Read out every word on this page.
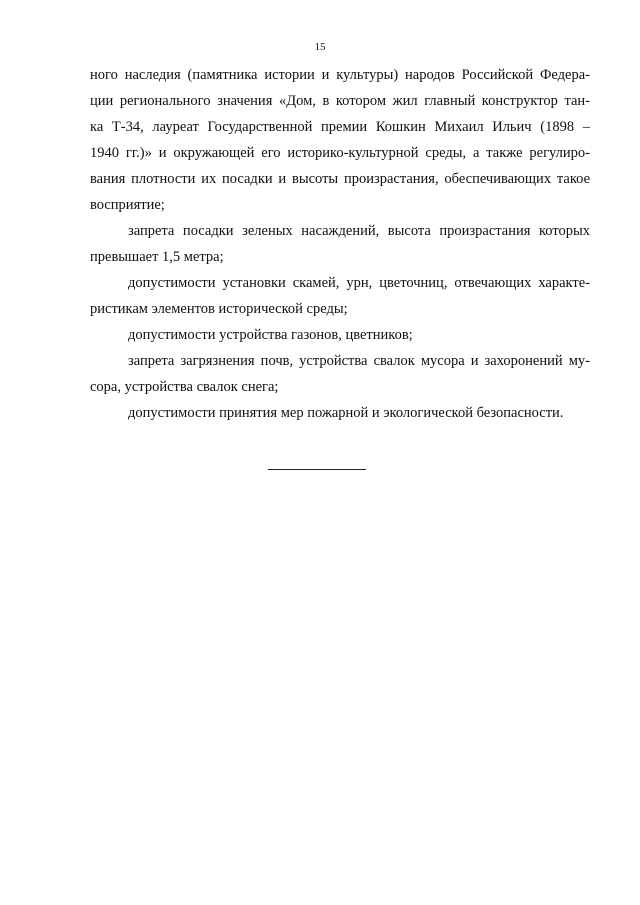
15
ного наследия (памятника истории и культуры) народов Российской Федера-
ции регионального значения «Дом, в котором жил главный конструктор тан-
ка Т-34, лауреат Государственной премии Кошкин Михаил Ильич (1898 –
1940 гг.)» и окружающей его историко-культурной среды, а также регулиро-
вания плотности их посадки и высоты произрастания, обеспечивающих такое
восприятие;
запрета посадки зеленых насаждений, высота произрастания которых
превышает 1,5 метра;
допустимости установки скамей, урн, цветочниц, отвечающих характе-
ристикам элементов исторической среды;
допустимости устройства газонов, цветников;
запрета загрязнения почв, устройства свалок мусора и захоронений му-
сора, устройства свалок снега;
допустимости принятия мер пожарной и экологической безопасности.
